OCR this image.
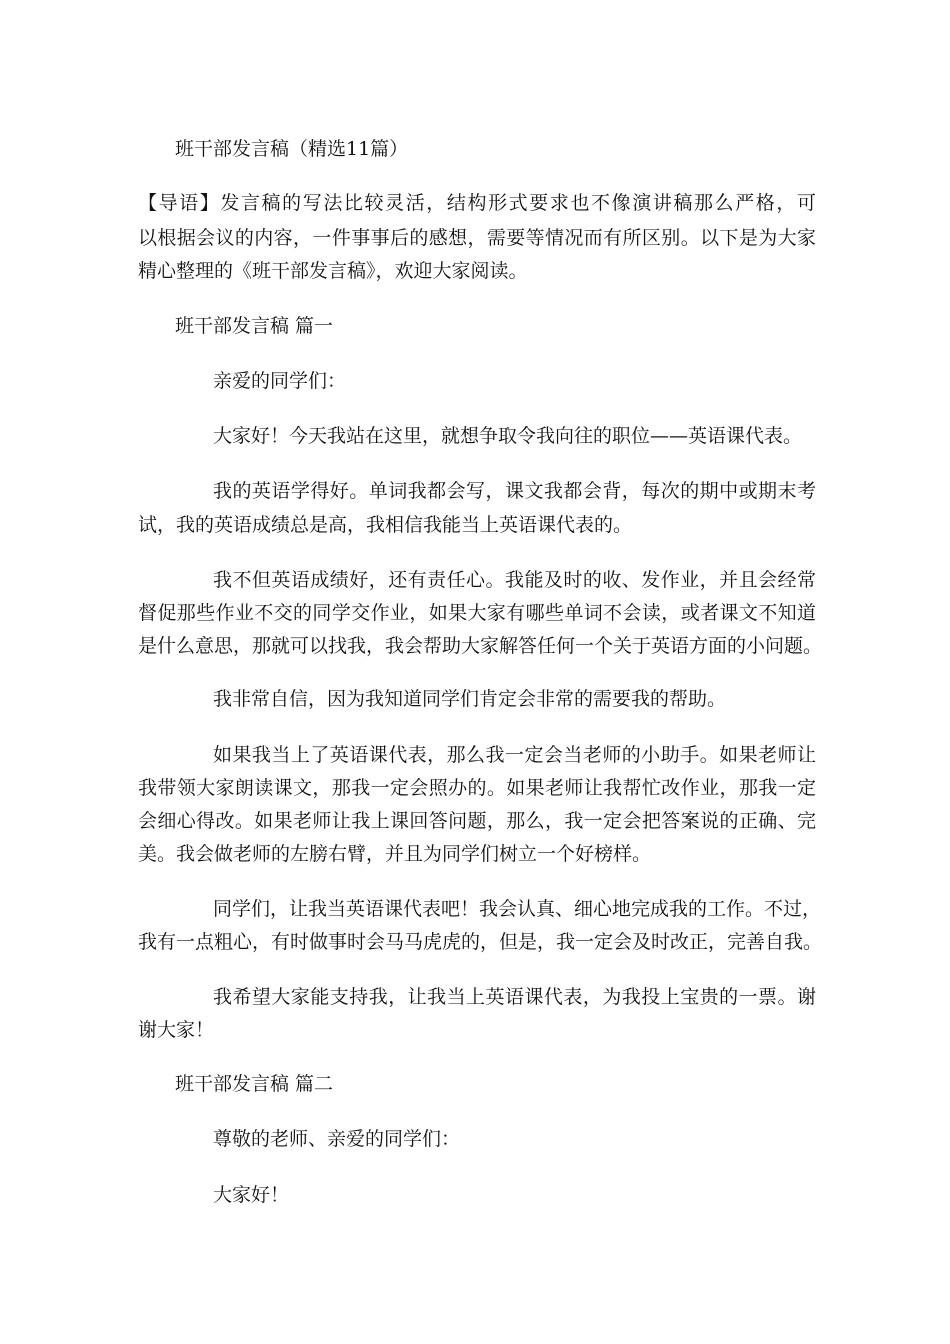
班干部发言稿（精选11篇）
【导语】发言稿的写法比较灵活，结构形式要求也不像演讲稿那么严格，可
以根据会议的内容，一件事事后的感想，需要等情况而有所区别。以下是为大家
精心整理的《班干部发言稿》，欢迎大家阅读。
班干部发言稿 篇一
亲爱的同学们：
大家好！今天我站在这里，就想争取令我向往的职位——英语课代表。
我的英语学得好。单词我都会写，课文我都会背，每次的期中或期末考
试，我的英语成绩总是高，我相信我能当上英语课代表的。
我不但英语成绩好，还有责任心。我能及时的收、发作业，并且会经常
督促那些作业不交的同学交作业，如果大家有哪些单词不会读，或者课文不知道
是什么意思，那就可以找我，我会帮助大家解答任何一个关于英语方面的小问题。
我非常自信，因为我知道同学们肯定会非常的需要我的帮助。
如果我当上了英语课代表，那么我一定会当老师的小助手。如果老师让
我带领大家朗读课文，那我一定会照办的。如果老师让我帮忙改作业，那我一定
会细心得改。如果老师让我上课回答问题，那么，我一定会把答案说的正确、完
美。我会做老师的左膀右臂，并且为同学们树立一个好榜样。
同学们，让我当英语课代表吧！我会认真、细心地完成我的工作。不过，
我有一点粗心，有时做事时会马马虎虎的，但是，我一定会及时改正，完善自我。
我希望大家能支持我，让我当上英语课代表，为我投上宝贵的一票。谢
谢大家！
班干部发言稿 篇二
尊敬的老师、亲爱的同学们：
大家好！
